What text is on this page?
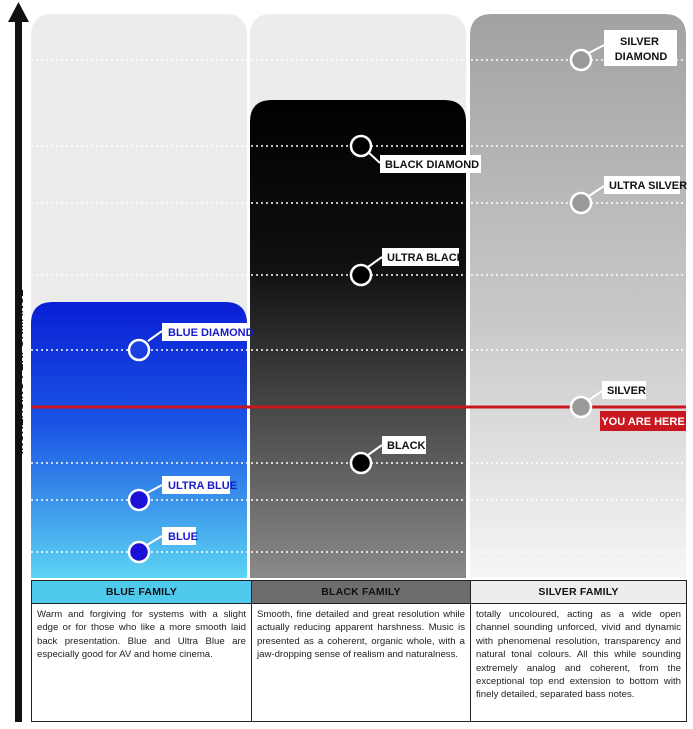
INCREASING PERFORMANCE	BLUE DIAMOND
ULTRA BLUE
BLUE
BLACK DIAMOND
ULTRA BLACK
BLACK
SILVER DIAMOND
ULTRA SILVER
SILVER
YOU ARE HERE
BLUE FAMILY
Warm and forgiving for systems with a slight edge or for those who like a more smooth laid back presentation. Blue and Ultra Blue are especially good for AV and home cinema.
BLACK FAMILY
Smooth, fine detailed and great resolution while actually reducing apparent harshness. Music is presented as a coherent, organic whole, with a jaw-dropping sense of realism and naturalness.
SILVER FAMILY
totally uncoloured, acting as a wide open channel sounding unforced, vivid and dynamic with phenomenal resolution, transparency and natural tonal colours. All this while sounding extremely analog and coherent, from the exceptional top end extension to bottom with finely detailed, separated bass notes.
